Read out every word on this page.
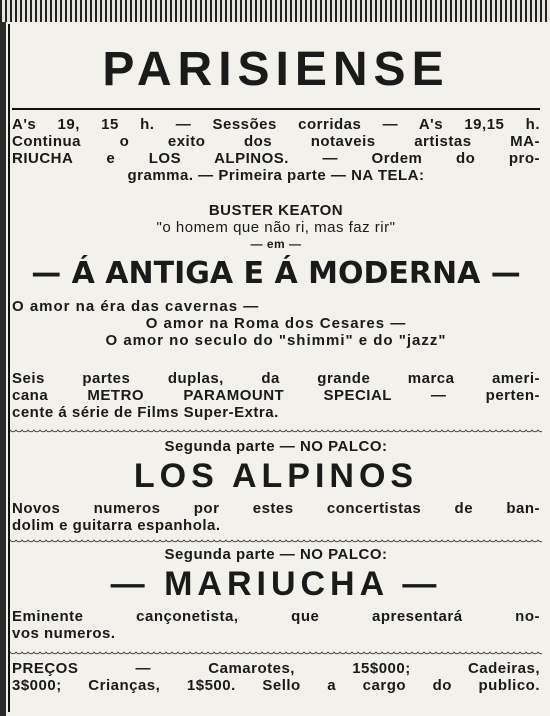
PARISIENSE
A's 19, 15 h. — Sessões corridas — A's 19,15 h.
Continua o exito dos notaveis artistas MA-
RIUCHA e LOS ALPINOS. — Ordem do pro-
gramma. — Primeira parte — NA TELA:
BUSTER KEATON
"o homem que não ri, mas faz rir"
— em —
— Á ANTIGA E Á MODERNA —
O amor na éra das cavernas —
O amor na Roma dos Cesares —
O amor no seculo do "shimmi" e do "jazz"
Seis partes duplas, da grande marca ameri-
cana METRO PARAMOUNT SPECIAL — perten-
cente á série de Films Super-Extra.
Segunda parte — NO PALCO:
LOS ALPINOS
Novos numeros por estes concertistas de ban-
dolim e guitarra espanhola.
Segunda parte — NO PALCO:
— MARIUCHA —
Eminente cançonetista, que apresentará no-
vos numeros.
PREÇOS — Camarotes, 15$000; Cadeiras,
3$000; Crianças, 1$500. Sello a cargo do publico.
